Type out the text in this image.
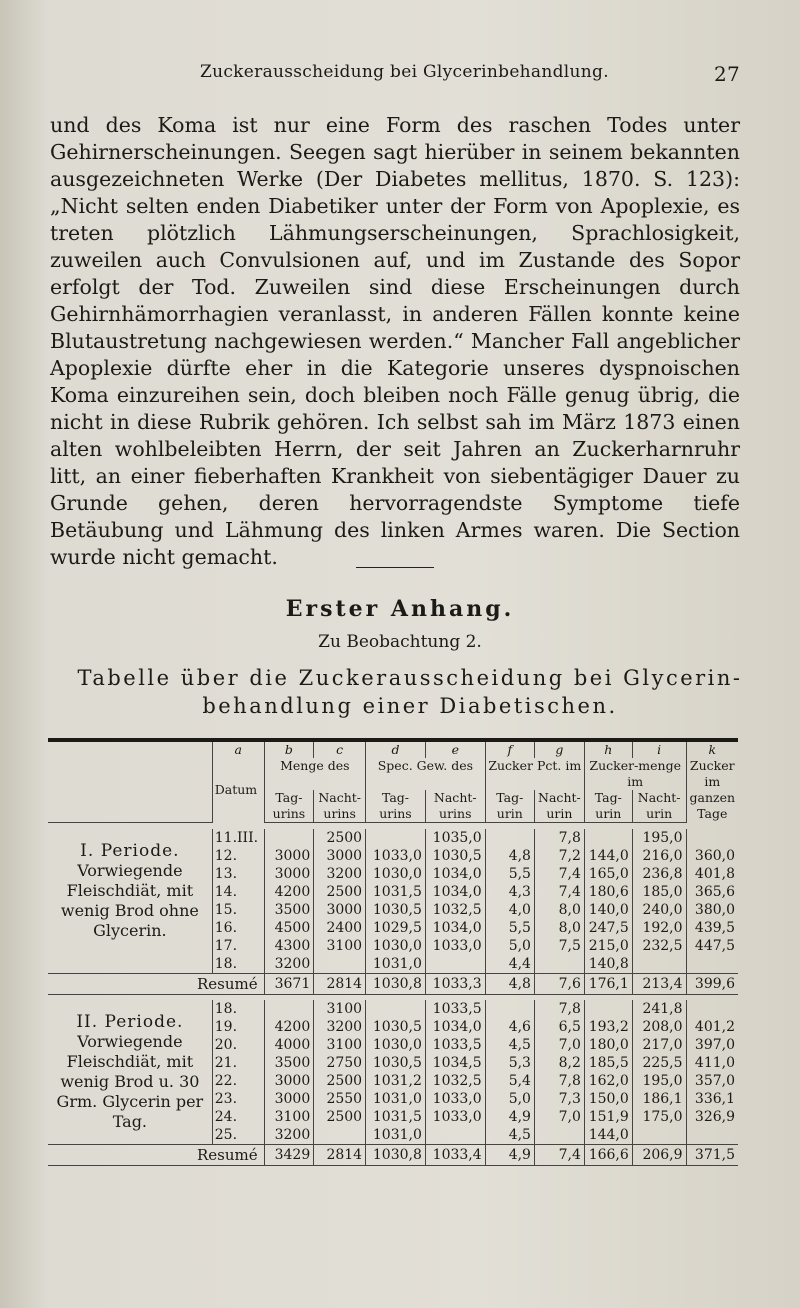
Zuckerausscheidung bei Glycerinbehandlung.	27

und des Koma ist nur eine Form des raschen Todes unter Gehirnerscheinungen. Seegen sagt hierüber in seinem bekannten ausgezeichneten Werke (Der Diabetes mellitus, 1870. S. 123): „Nicht selten enden Diabetiker unter der Form von Apoplexie, es treten plötzlich Lähmungserscheinungen, Sprachlosigkeit, zuweilen auch Convulsionen auf, und im Zustande des Sopor erfolgt der Tod. Zuweilen sind diese Erscheinungen durch Gehirnhämorrhagien veranlasst, in anderen Fällen konnte keine Blutaustretung nachgewiesen werden.“ Mancher Fall angeblicher Apoplexie dürfte eher in die Kategorie unseres dyspnoischen Koma einzureihen sein, doch bleiben noch Fälle genug übrig, die nicht in diese Rubrik gehören. Ich selbst sah im März 1873 einen alten wohlbeleibten Herrn, der seit Jahren an Zuckerharnruhr litt, an einer fieberhaften Krankheit von siebentägiger Dauer zu Grunde gehen, deren hervorragendste Symptome tiefe Betäubung und Lähmung des linken Armes waren. Die Section wurde nicht gemacht.

Erster Anhang.
Zu Beobachtung 2.
Tabelle über die Zuckerausscheidung bei Glycerin-
behandlung einer Diabetischen.
	a	b	c	d	e	f	g	h	i	k
	Datum	Menge des		Spec. Gew. des		Zucker Pct. im		Zucker-menge im		Zucker im ganzen Tage
		Tag-urins	Nacht-urins	Tag-urins	Nacht-urins	Tag-urin	Nacht-urin	Tag-urin	Nacht-urin	

I. Periode.
Vorwiegende Fleischdiät, mit wenig Brod ohne Glycerin.	11.III.		2500		1035,0		7,8		195,0	
	12.	3000	3000	1033,0	1030,5	4,8	7,2	144,0	216,0	360,0
	13.	3000	3200	1030,0	1034,0	5,5	7,4	165,0	236,8	401,8
	14.	4200	2500	1031,5	1034,0	4,3	7,4	180,6	185,0	365,6
	15.	3500	3000	1030,5	1032,5	4,0	8,0	140,0	240,0	380,0
	16.	4500	2400	1029,5	1034,0	5,5	8,0	247,5	192,0	439,5
	17.	4300	3100	1030,0	1033,0	5,0	7,5	215,0	232,5	447,5
	18.	3200		1031,0		4,4		140,8		
Resumé		3671	2814	1030,8	1033,3	4,8	7,6	176,1	213,4	399,6

II. Periode.
Vorwiegende Fleischdiät, mit wenig Brod u. 30 Grm. Glycerin per Tag.	18.		3100		1033,5		7,8		241,8	
	19.	4200	3200	1030,5	1034,0	4,6	6,5	193,2	208,0	401,2
	20.	4000	3100	1030,0	1033,5	4,5	7,0	180,0	217,0	397,0
	21.	3500	2750	1030,5	1034,5	5,3	8,2	185,5	225,5	411,0
	22.	3000	2500	1031,2	1032,5	5,4	7,8	162,0	195,0	357,0
	23.	3000	2550	1031,0	1033,0	5,0	7,3	150,0	186,1	336,1
	24.	3100	2500	1031,5	1033,0	4,9	7,0	151,9	175,0	326,9
	25.	3200		1031,0		4,5		144,0		
Resumé		3429	2814	1030,8	1033,4	4,9	7,4	166,6	206,9	371,5
